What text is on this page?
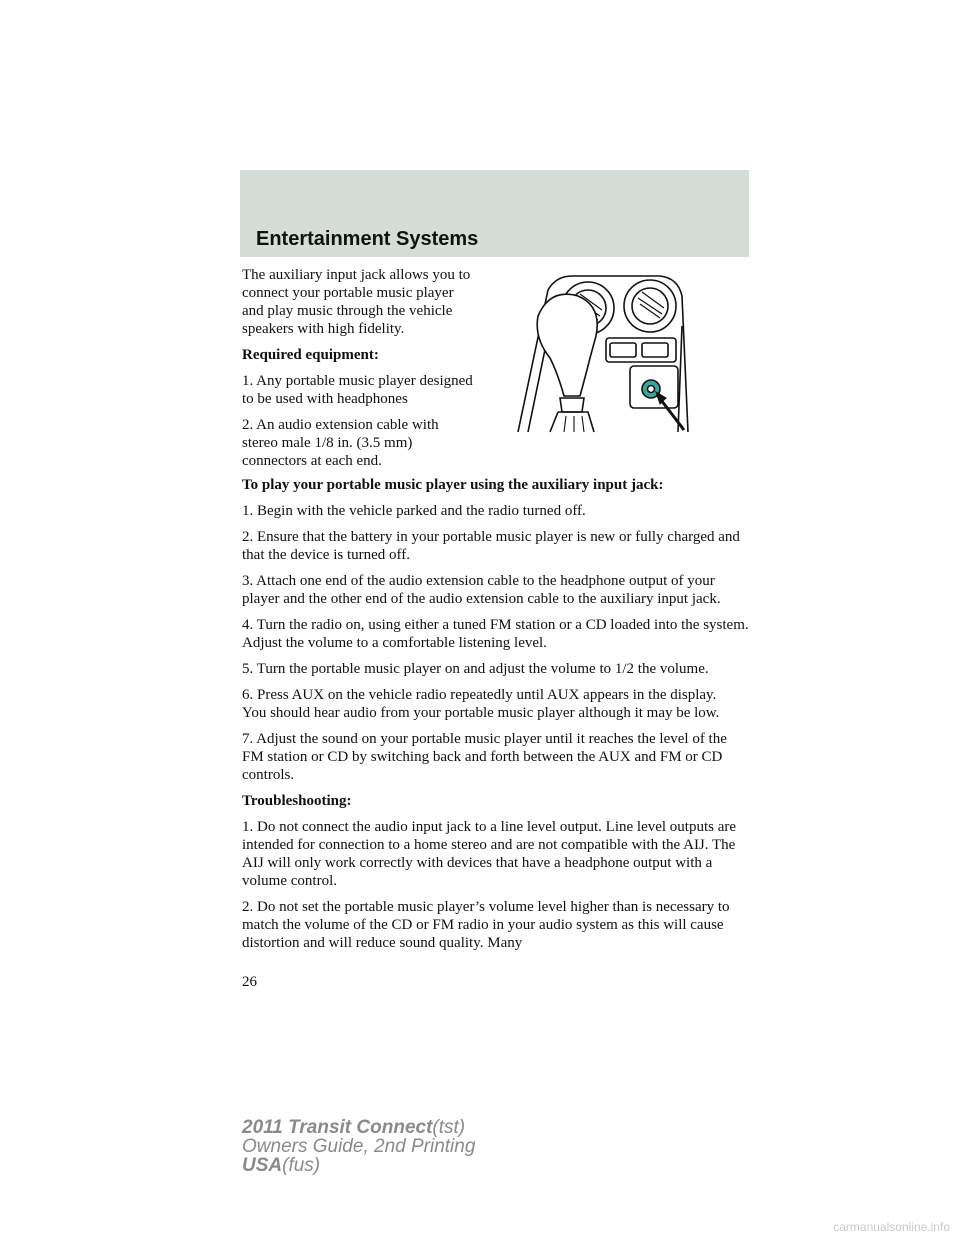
Entertainment Systems

The auxiliary input jack allows you to connect your portable music player and play music through the vehicle speakers with high fidelity.

Required equipment:

1. Any portable music player designed to be used with headphones

2. An audio extension cable with stereo male 1/8 in. (3.5 mm) connectors at each end.

To play your portable music player using the auxiliary input jack:

1. Begin with the vehicle parked and the radio turned off.

2. Ensure that the battery in your portable music player is new or fully charged and that the device is turned off.

3. Attach one end of the audio extension cable to the headphone output of your player and the other end of the audio extension cable to the auxiliary input jack.

4. Turn the radio on, using either a tuned FM station or a CD loaded into the system. Adjust the volume to a comfortable listening level.

5. Turn the portable music player on and adjust the volume to 1/2 the volume.

6. Press AUX on the vehicle radio repeatedly until AUX appears in the display.
You should hear audio from your portable music player although it may be low.

7. Adjust the sound on your portable music player until it reaches the level of the FM station or CD by switching back and forth between the AUX and FM or CD controls.

Troubleshooting:

1. Do not connect the audio input jack to a line level output. Line level outputs are intended for connection to a home stereo and are not compatible with the AIJ. The AIJ will only work correctly with devices that have a headphone output with a volume control.

2. Do not set the portable music player’s volume level higher than is necessary to match the volume of the CD or FM radio in your audio system as this will cause distortion and will reduce sound quality. Many

26
2011 Transit Connect(tst)
Owners Guide, 2nd Printing
USA(fus)
carmanualsonline.info
